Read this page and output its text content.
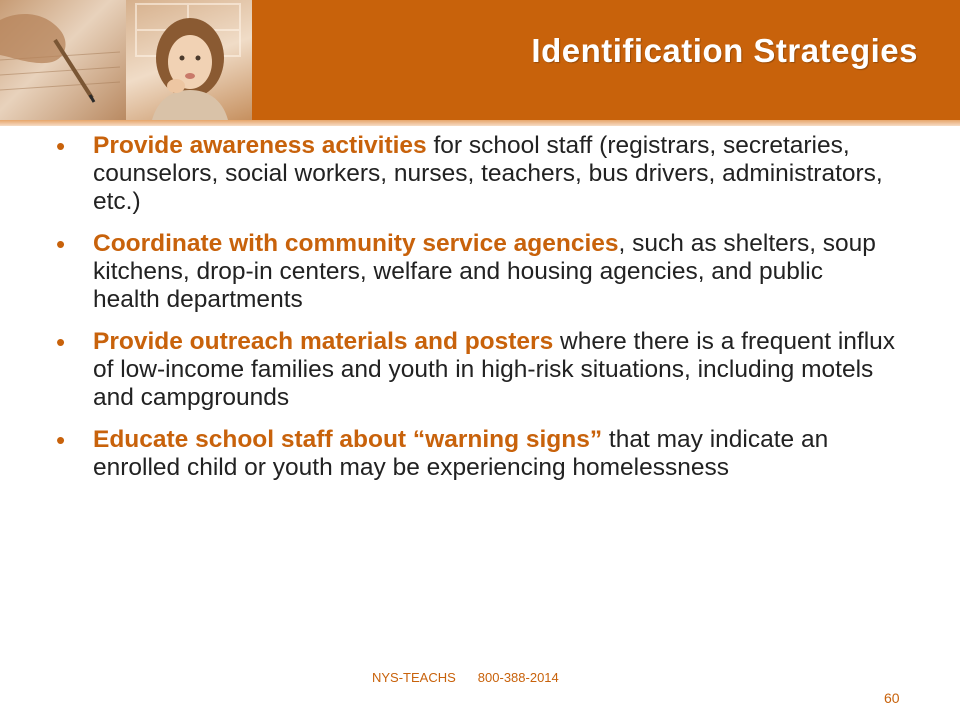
Identification Strategies
• Provide awareness activities for school staff (registrars, secretaries, counselors, social workers, nurses, teachers, bus drivers, administrators, etc.)
• Coordinate with community service agencies, such as shelters, soup kitchens, drop-in centers, welfare and housing agencies, and public health departments
• Provide outreach materials and posters where there is a frequent influx of low-income families and youth in high-risk situations, including motels and campgrounds
• Educate school staff about “warning signs” that may indicate an enrolled child or youth may be experiencing homelessness
NYS-TEACHS 800-388-2014
60
